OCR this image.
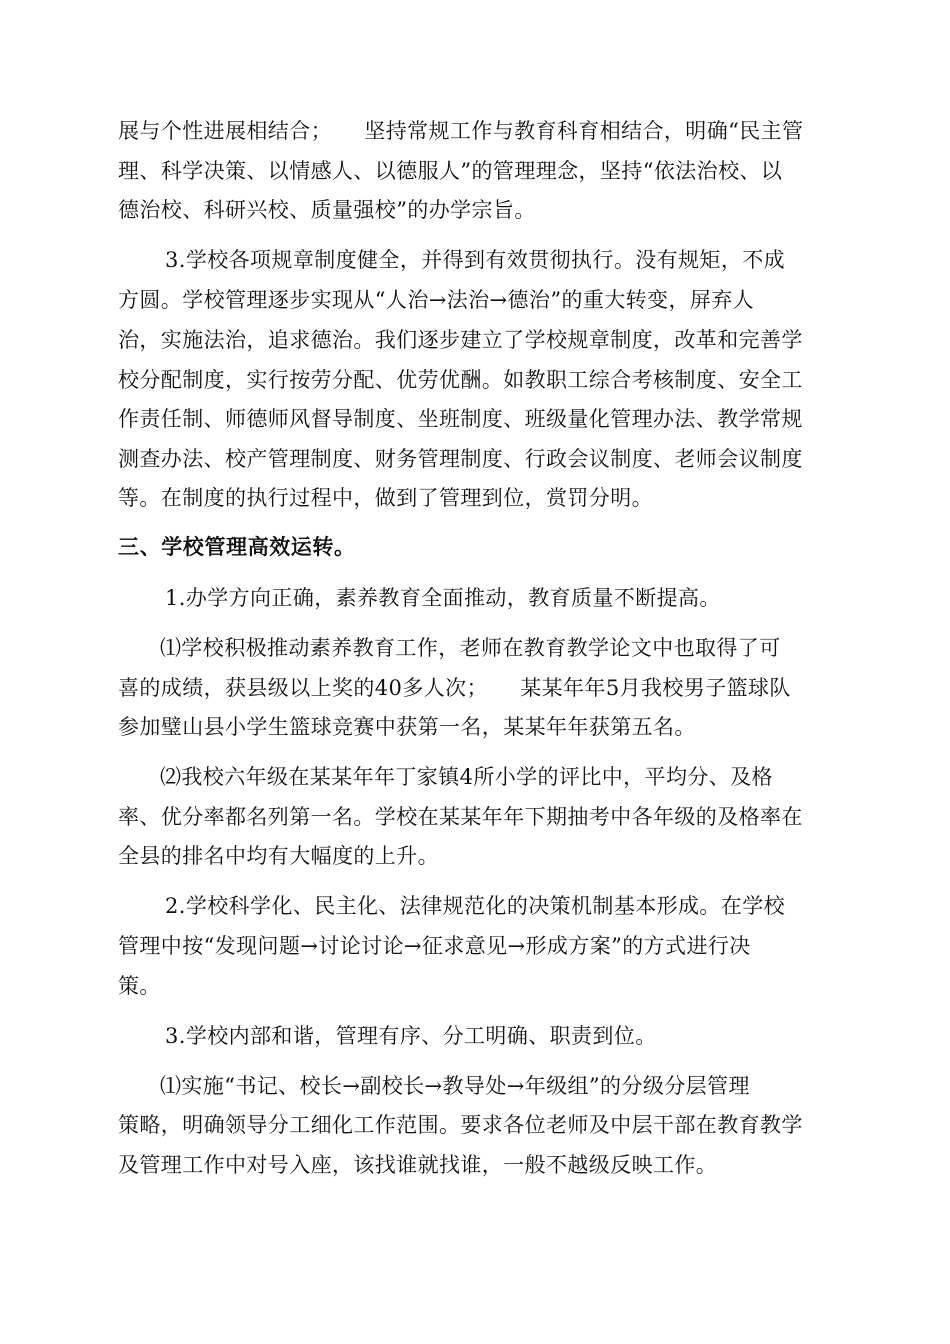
展与个性进展相结合；　　坚持常规工作与教育科育相结合，明确“民主管
理、科学决策、以情感人、以德服人”的管理理念，坚持“依法治校、以
德治校、科研兴校、质量强校”的办学宗旨。
3.学校各项规章制度健全，并得到有效贯彻执行。没有规矩，不成
方圆。学校管理逐步实现从“人治→法治→德治”的重大转变，屏弃人
治，实施法治，追求德治。我们逐步建立了学校规章制度，改革和完善学
校分配制度，实行按劳分配、优劳优酬。如教职工综合考核制度、安全工
作责任制、师德师风督导制度、坐班制度、班级量化管理办法、教学常规
测查办法、校产管理制度、财务管理制度、行政会议制度、老师会议制度
等。在制度的执行过程中，做到了管理到位，赏罚分明。
三、学校管理高效运转。
1.办学方向正确，素养教育全面推动，教育质量不断提高。
⑴学校积极推动素养教育工作，老师在教育教学论文中也取得了可
喜的成绩，获县级以上奖的40多人次；　　某某年年5月我校男子篮球队
参加璧山县小学生篮球竞赛中获第一名，某某年年获第五名。
⑵我校六年级在某某年年丁家镇4所小学的评比中，平均分、及格
率、优分率都名列第一名。学校在某某年年下期抽考中各年级的及格率在
全县的排名中均有大幅度的上升。
2.学校科学化、民主化、法律规范化的决策机制基本形成。在学校
管理中按“发现问题→讨论讨论→征求意见→形成方案”的方式进行决
策。
3.学校内部和谐，管理有序、分工明确、职责到位。
⑴实施“书记、校长→副校长→教导处→年级组”的分级分层管理
策略，明确领导分工细化工作范围。要求各位老师及中层干部在教育教学
及管理工作中对号入座，该找谁就找谁，一般不越级反映工作。
